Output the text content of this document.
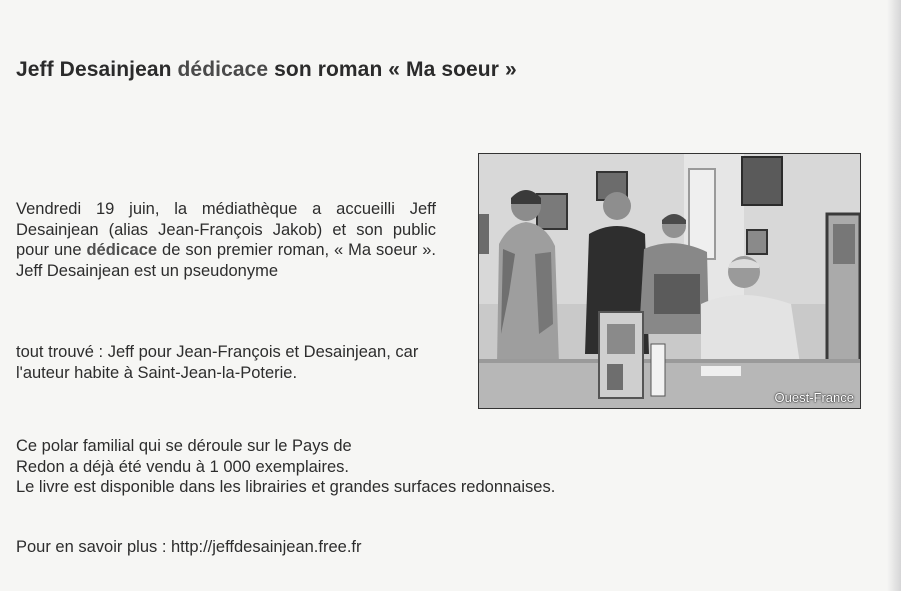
Jeff Desainjean dédicace son roman « Ma soeur »

Vendredi 19 juin, la médiathèque a accueilli Jeff Desainjean (alias Jean-François Jakob) et son public pour une dédicace de son premier roman, « Ma soeur ». Jeff Desainjean est un pseudonyme

tout trouvé : Jeff pour Jean-François et Desainjean, car l'auteur habite à Saint-Jean-la-Poterie.

Ce polar familial qui se déroule sur le Pays de
Redon a déjà été vendu à 1 000 exemplaires.
Le livre est disponible dans les librairies et grandes surfaces redonnaises.

Pour en savoir plus : http://jeffdesainjean.free.fr

Ouest-France
